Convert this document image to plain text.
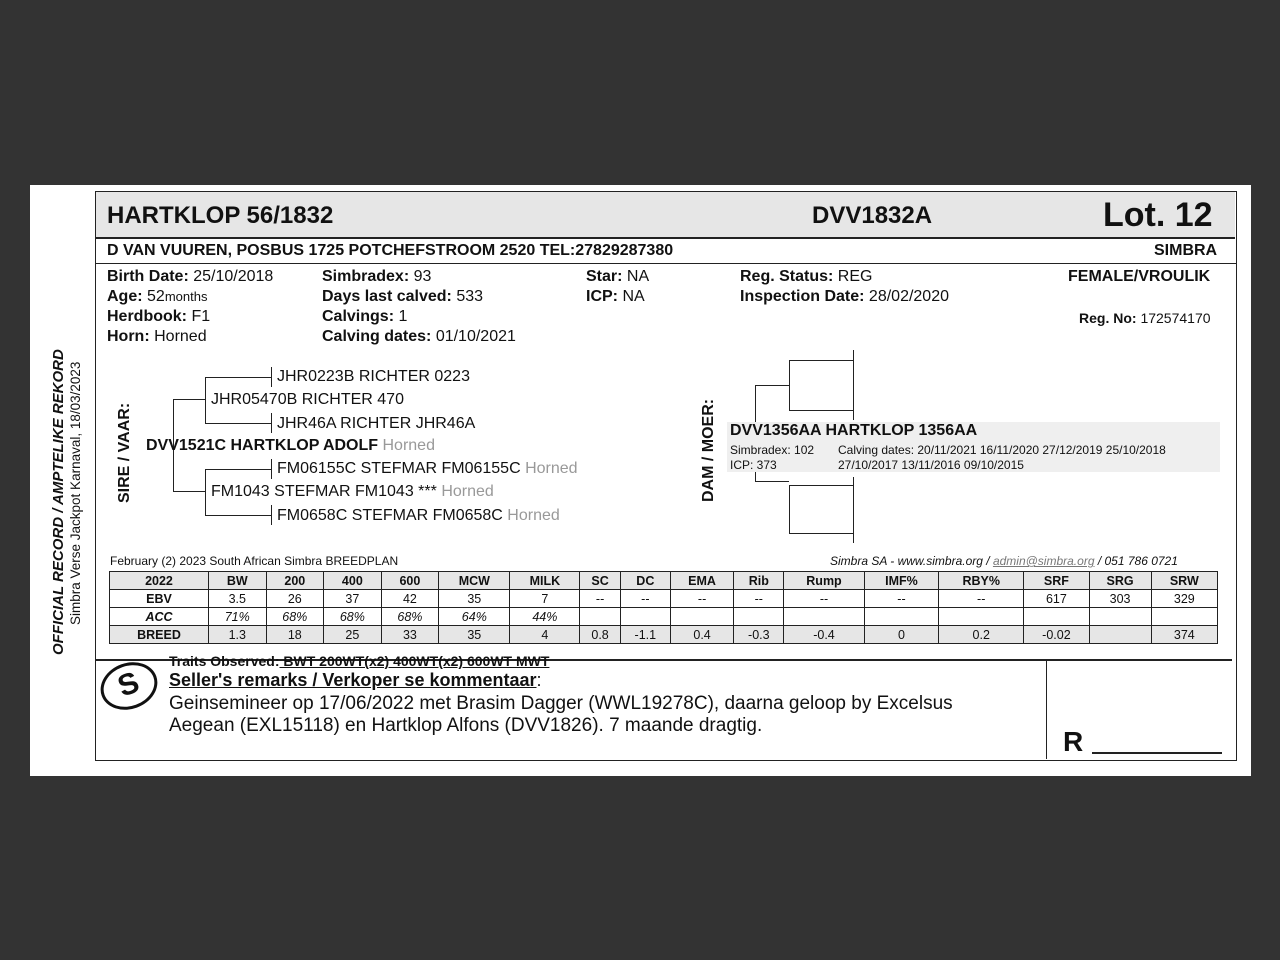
OFFICIAL RECORD / AMPTELIKE REKORD Simbra Verse Jackpot Karnaval, 18/03/2023
HARTKLOP 56/1832	DVV1832A	Lot. 12
D VAN VUUREN, POSBUS 1725 POTCHEFSTROOM 2520 TEL:27829287380	SIMBRA
Birth Date: 25/10/2018
Age: 52months
Herdbook: F1
Horn: Horned
Simbradex: 93
Days last calved: 533
Calvings: 1
Calving dates: 01/10/2021
Star: NA
ICP: NA
Reg. Status: REG
Inspection Date: 28/02/2020
FEMALE/VROULIK
Reg. No: 172574170
SIRE / VAAR:
JHR0223B RICHTER 0223
JHR05470B RICHTER 470
JHR46A RICHTER JHR46A
DVV1521C HARTKLOP ADOLF Horned
FM06155C STEFMAR FM06155C Horned
FM1043 STEFMAR FM1043 *** Horned
FM0658C STEFMAR FM0658C Horned
DAM / MOER: DVV1356AA HARTKLOP 1356AA
Simbradex: 102
ICP: 373
Calving dates: 20/11/2021 16/11/2020 27/12/2019 25/10/2018
27/10/2017 13/11/2016 09/10/2015
February (2) 2023 South African Simbra BREEDPLAN	Simbra SA - www.simbra.org / admin@simbra.org / 051 786 0721
2022	BW	200	400	600	MCW	MILK	SC	DC	EMA	Rib	Rump	IMF%	RBY%	SRF	SRG	SRW
EBV	3.5	26	37	42	35	7	--	--	--	--	--	--	--	617	303	329
ACC	71%	68%	68%	68%	64%	44%										
BREED	1.3	18	25	33	35	4	0.8	-1.1	0.4	-0.3	-0.4	0	0.2	-0.02		374
S
Traits Observed: BWT 200WT(x2) 400WT(x2) 600WT MWT
Seller's remarks / Verkoper se kommentaar:
Geinsemineer op 17/06/2022 met Brasim Dagger (WWL19278C), daarna geloop by Excelsus
Aegean (EXL15118) en Hartklop Alfons (DVV1826). 7 maande dragtig.
R
